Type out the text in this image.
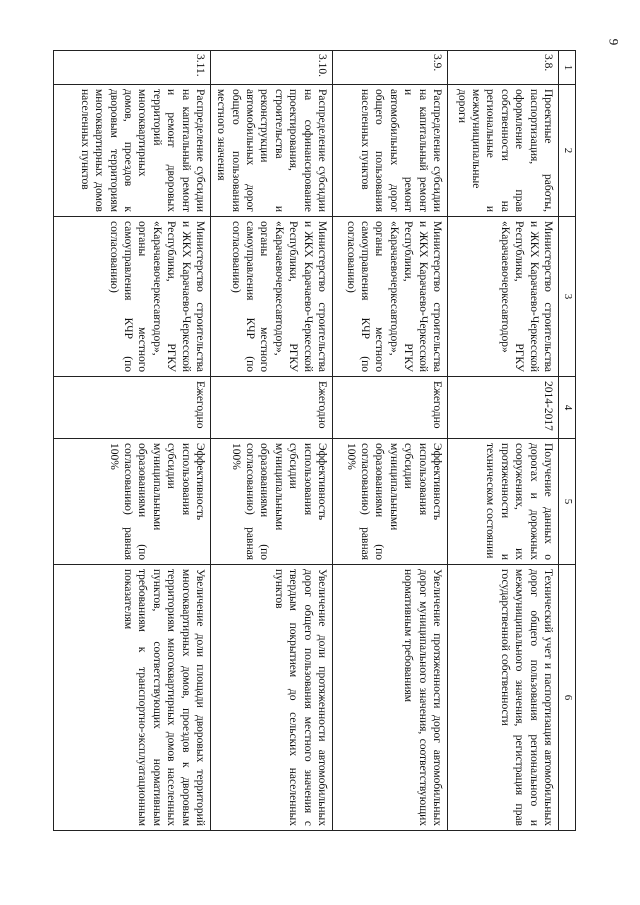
9
1	2	3	4	5	6
3.8.	Проектные работы, паспортизация, оформление прав собственности на региональные и межмуниципальные дороги	Министерство строительства и ЖКХ Карачаево-Черкесской Республики, РГКУ «Карачаевочеркесавтодор»	2014-2017	Получение данных о дорогах и дорожных сооружениях, их протяженности и техническом состоянии	Технический учет и паспортизация автомобильных дорог общего пользования регионального и межмуниципального значения, регистрация прав государственной собственности
3.9.	Распределение субсидии на капитальный ремонт и ремонт автомобильных дорог общего пользования населенных пунктов	Министерство строительства и ЖКХ Карачаево-Черкесской Республики, РГКУ «Карачаевочеркесавтодор», органы местного самоуправления КЧР (по согласованию)	Ежегодно	Эффективность использования субсидии муниципальными образованиями (по согласованию) равная 100%	Увеличение протяженности дорог автомобильных дорог муниципального значения, соответствующих нормативным требованиям
3.10.	Распределение субсидии на софинансирование проектирования, строительства и реконструкции автомобильных дорог общего пользования местного значения	Министерство строительства и ЖКХ Карачаево-Черкесской Республики, РГКУ «Карачаевочеркесавтодор», органы местного самоуправления КЧР (по согласованию)	Ежегодно	Эффективность использования субсидии муниципальными образованиями (по согласованию) равная 100%	Увеличение доли протяженности автомобильных дорог общего пользования местного значения с твердым покрытием до сельских населенных пунктов
3.11.	Распределение субсидии на капитальный ремонт и ремонт дворовых территорий многоквартирных домов, проездов к дворовым территориям многоквартирных домов населенных пунктов	Министерство строительства и ЖКХ Карачаево-Черкесской Республики, РГКУ «Карачаевочеркесавтодор», органы местного самоуправления КЧР (по согласованию)	Ежегодно	Эффективность использования субсидии муниципальными образованиями (по согласованию) равная 100%	Увеличение доли площади дворовых территорий многоквартирных домов, проездов к дворовым территориям многоквартирных домов населенных пунктов, соответствующих нормативным требованиям к транспортно-эксплуатационным показателям
